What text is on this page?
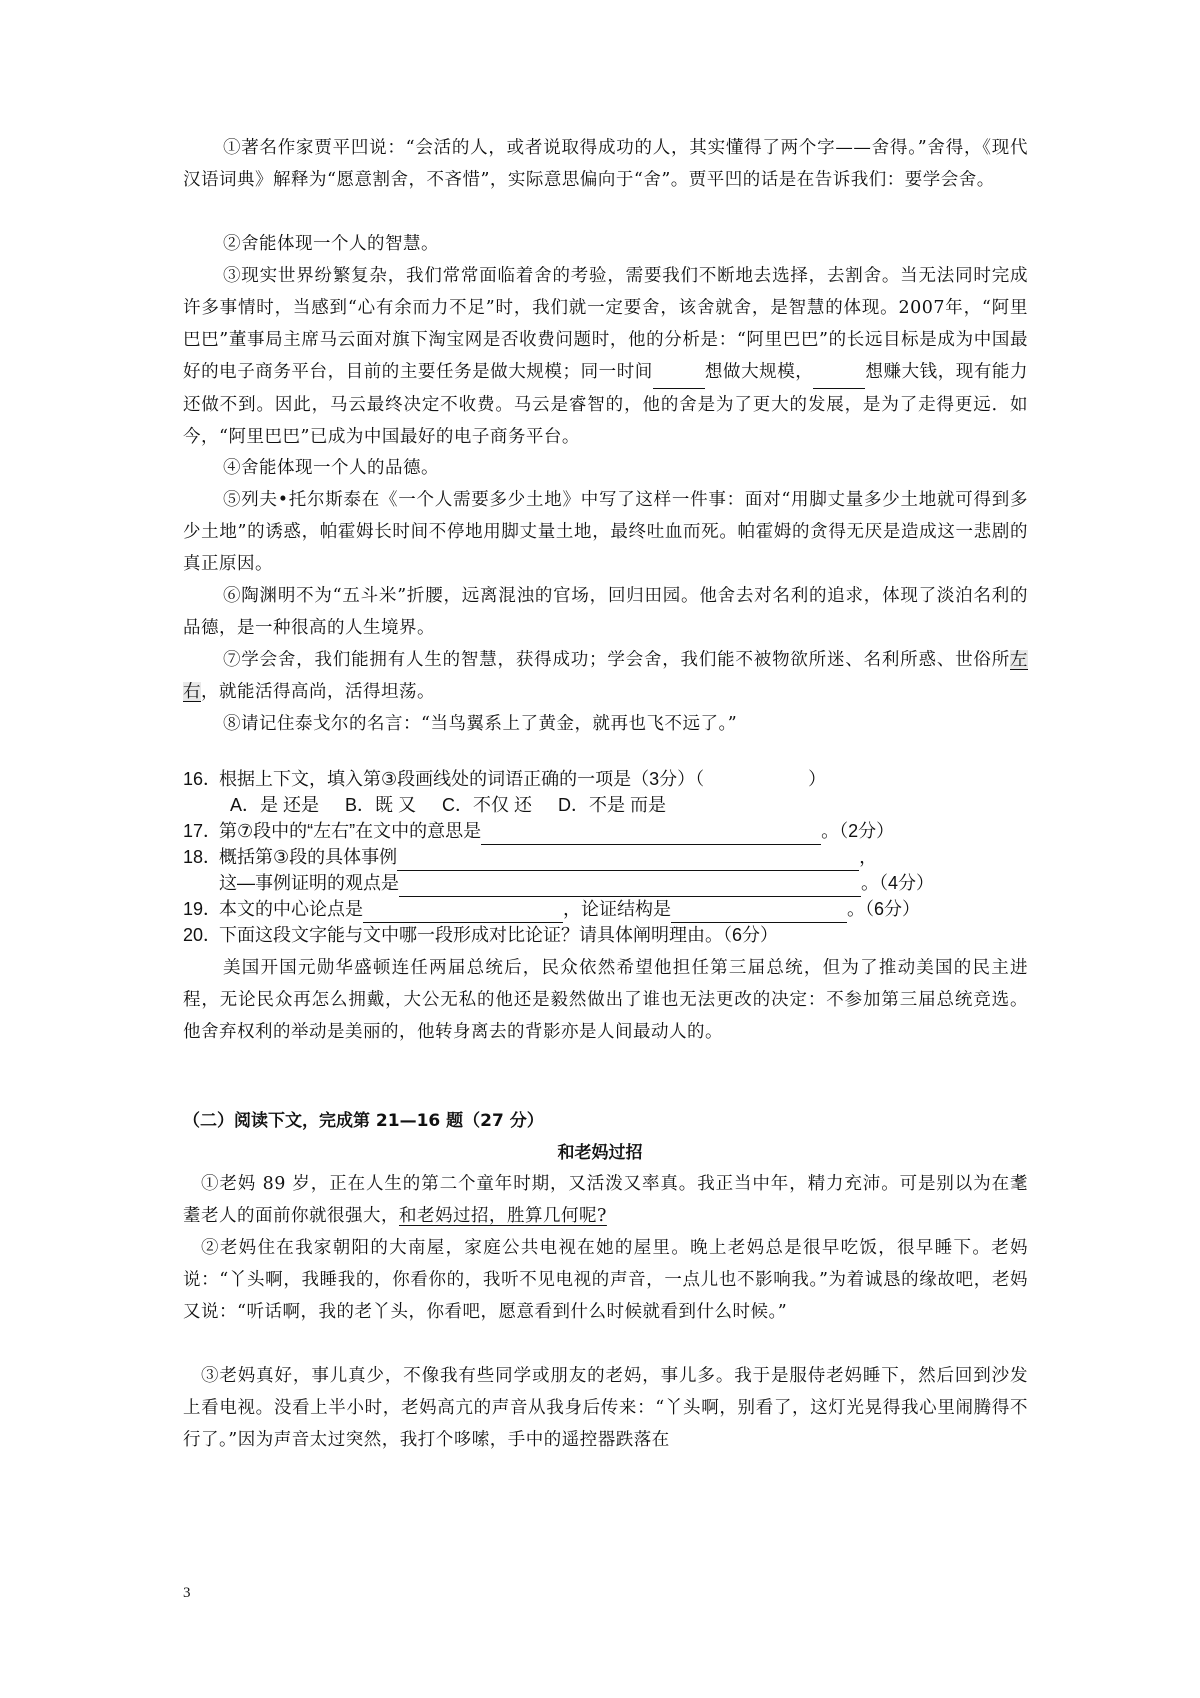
①著名作家贾平凹说：“会活的人，或者说取得成功的人，其实懂得了两个字——舍得。”舍得，《现代汉语词典》解释为“愿意割舍，不吝惜”，实际意思偏向于“舍”。贾平凹的话是在告诉我们：要学会舍。

②舍能体现一个人的智慧。

③现实世界纷繁复杂，我们常常面临着舍的考验，需要我们不断地去选择，去割舍。当无法同时完成许多事情时，当感到“心有余而力不足”时，我们就一定要舍，该舍就舍，是智慧的体现。2007年，“阿里巴巴”董事局主席马云面对旗下淘宝网是否收费问题时，他的分析是：“阿里巴巴”的长远目标是成为中国最好的电子商务平台，目前的主要任务是做大规模；同一时间	想做大规模，	想赚大钱，现有能力还做不到。因此，马云最终决定不收费。马云是睿智的，他的舍是为了更大的发展，是为了走得更远．如今，“阿里巴巴”已成为中国最好的电子商务平台。

④舍能体现一个人的品德。

⑤列夫•托尔斯泰在《一个人需要多少土地》中写了这样一件事：面对“用脚丈量多少土地就可得到多少土地”的诱惑，帕霍姆长时间不停地用脚丈量土地，最终吐血而死。帕霍姆的贪得无厌是造成这一悲剧的真正原因。

⑥陶渊明不为“五斗米”折腰，远离混浊的官场，回归田园。他舍去对名利的追求，体现了淡泊名利的品德，是一种很高的人生境界。

⑦学会舍，我们能拥有人生的智慧，获得成功；学会舍，我们能不被物欲所迷、名利所惑、世俗所左右，就能活得高尚，活得坦荡。

⑧请记住泰戈尔的名言：“当鸟翼系上了黄金，就再也飞不远了。”

16．根据上下文，填入第③段画线处的词语正确的一项是（3分）（	）
A．是 还是 B．既 又 C．不仅 还 D．不是 而是
17．第⑦段中的“左右”在文中的意思是	。（2分）
18．概括第③段的具体事例	，
这—事例证明的观点是	。（4分）
19．本文的中心论点是	，论证结构是	。（6分）
20．下面这段文字能与文中哪一段形成对比论证？请具体阐明理由。（6分）

美国开国元勋华盛顿连任两届总统后，民众依然希望他担任第三届总统，但为了推动美国的民主进程，无论民众再怎么拥戴，大公无私的他还是毅然做出了谁也无法更改的决定：不参加第三届总统竞选。他舍弃权利的举动是美丽的，他转身离去的背影亦是人间最动人的。

（二）阅读下文，完成第 21—16 题（27 分）
和老妈过招

①老妈 89 岁，正在人生的第二个童年时期，又活泼又率真。我正当中年，精力充沛。可是别以为在耄耋老人的面前你就很强大，和老妈过招，胜算几何呢?

②老妈住在我家朝阳的大南屋，家庭公共电视在她的屋里。晚上老妈总是很早吃饭，很早睡下。老妈说：“丫头啊，我睡我的，你看你的，我听不见电视的声音，一点儿也不影响我。”为着诚恳的缘故吧，老妈又说：“听话啊，我的老丫头，你看吧，愿意看到什么时候就看到什么时候。”

③老妈真好，事儿真少，不像我有些同学或朋友的老妈，事儿多。我于是服侍老妈睡下，然后回到沙发上看电视。没看上半小时，老妈高亢的声音从我身后传来：“丫头啊，别看了，这灯光晃得我心里闹腾得不行了。”因为声音太过突然，我打个哆嗦，手中的遥控器跌落在

3
